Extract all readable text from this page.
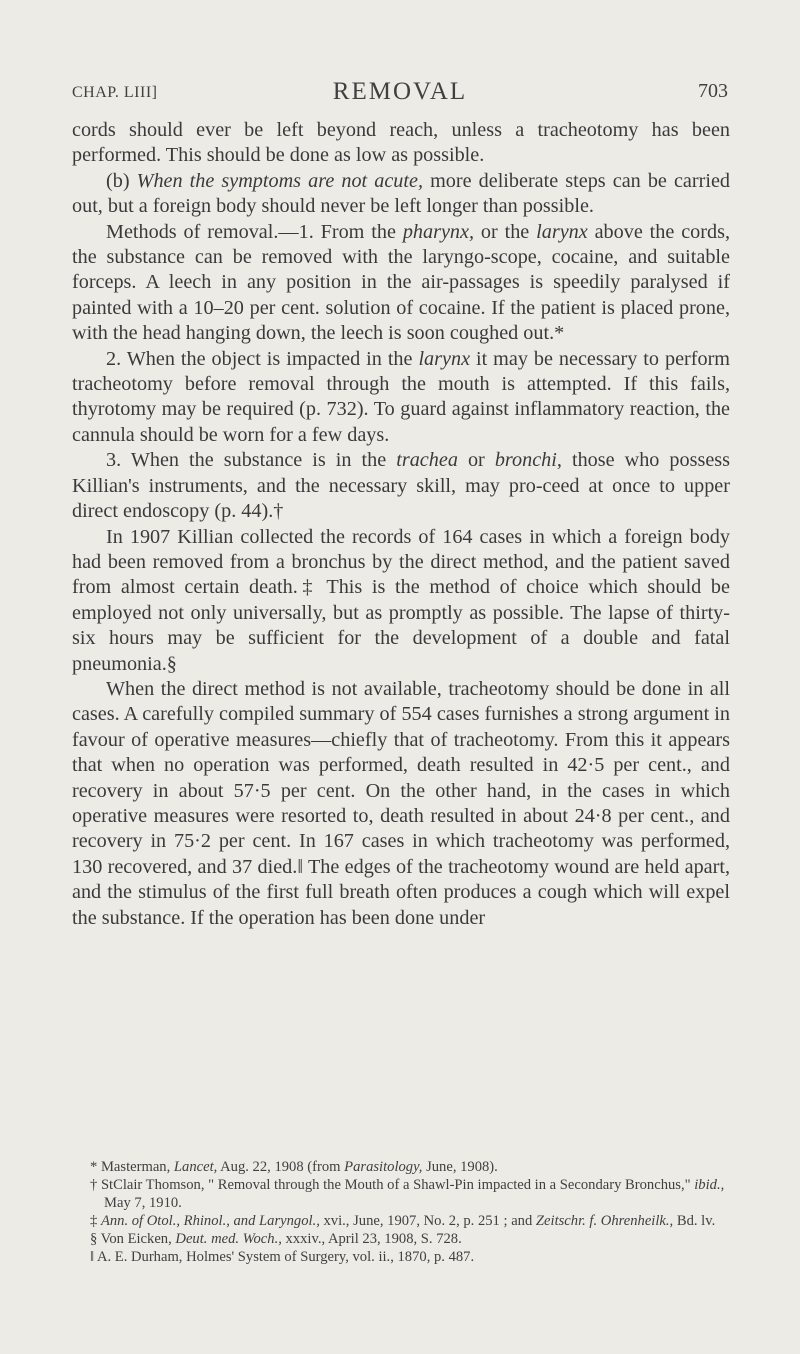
CHAP. LIII]	REMOVAL	703

cords should ever be left beyond reach, unless a tracheotomy has been performed. This should be done as low as possible.

(b) When the symptoms are not acute, more deliberate steps can be carried out, but a foreign body should never be left longer than possible.

Methods of removal.—1. From the pharynx, or the larynx above the cords, the substance can be removed with the laryngo-scope, cocaine, and suitable forceps. A leech in any position in the air-passages is speedily paralysed if painted with a 10–20 per cent. solution of cocaine. If the patient is placed prone, with the head hanging down, the leech is soon coughed out.*

2. When the object is impacted in the larynx it may be necessary to perform tracheotomy before removal through the mouth is attempted. If this fails, thyrotomy may be required (p. 732). To guard against inflammatory reaction, the cannula should be worn for a few days.

3. When the substance is in the trachea or bronchi, those who possess Killian's instruments, and the necessary skill, may pro-ceed at once to upper direct endoscopy (p. 44).†

In 1907 Killian collected the records of 164 cases in which a foreign body had been removed from a bronchus by the direct method, and the patient saved from almost certain death.‡ This is the method of choice which should be employed not only universally, but as promptly as possible. The lapse of thirty-six hours may be sufficient for the development of a double and fatal pneumonia.§

When the direct method is not available, tracheotomy should be done in all cases. A carefully compiled summary of 554 cases furnishes a strong argument in favour of operative measures—chiefly that of tracheotomy. From this it appears that when no operation was performed, death resulted in 42·5 per cent., and recovery in about 57·5 per cent. On the other hand, in the cases in which operative measures were resorted to, death resulted in about 24·8 per cent., and recovery in 75·2 per cent. In 167 cases in which tracheotomy was performed, 130 recovered, and 37 died.‖ The edges of the tracheotomy wound are held apart, and the stimulus of the first full breath often produces a cough which will expel the substance. If the operation has been done under

* Masterman, Lancet, Aug. 22, 1908 (from Parasitology, June, 1908).

† StClair Thomson, " Removal through the Mouth of a Shawl-Pin impacted in a Secondary Bronchus," ibid., May 7, 1910.

‡ Ann. of Otol., Rhinol., and Laryngol., xvi., June, 1907, No. 2, p. 251 ; and Zeitschr. f. Ohrenheilk., Bd. lv.

§ Von Eicken, Deut. med. Woch., xxxiv., April 23, 1908, S. 728.

‖ A. E. Durham, Holmes' System of Surgery, vol. ii., 1870, p. 487.
